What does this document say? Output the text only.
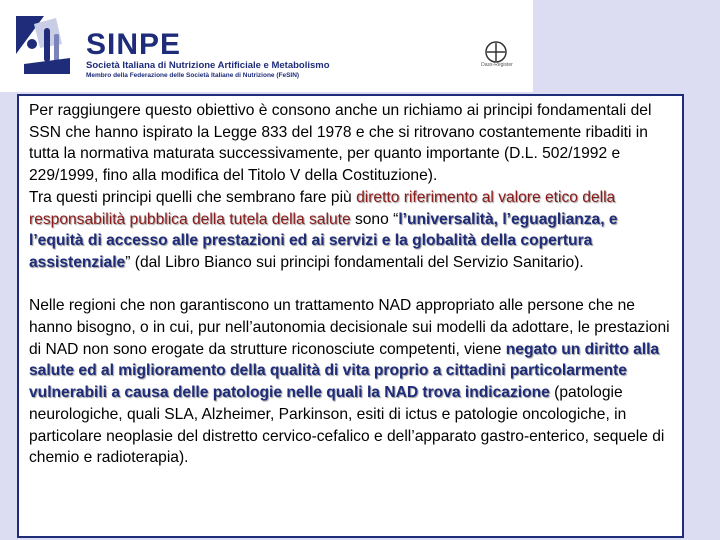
SINPE
Società Italiana di Nutrizione Artificiale e Metabolismo
Membro della Federazione delle Società Italiane di Nutrizione (FeSIN)
Dass-Register

Per raggiungere questo obiettivo è consono anche un richiamo ai principi fondamentali del SSN che hanno ispirato la Legge 833 del 1978 e che si ritrovano costantemente ribaditi in tutta la normativa maturata successivamente, per quanto importante (D.L. 502/1992 e 229/1999, fino alla modifica del Titolo V della Costituzione).

Tra questi principi quelli che sembrano fare più diretto riferimento al valore etico della responsabilità pubblica della tutela della salute sono “l’universalità, l’eguaglianza, e l’equità di accesso alle prestazioni ed ai servizi e la globalità della copertura assistenziale” (dal Libro Bianco sui principi fondamentali del Servizio Sanitario).

Nelle regioni che non garantiscono un trattamento NAD appropriato alle persone che ne hanno bisogno, o in cui, pur nell’autonomia decisionale sui modelli da adottare, le prestazioni di NAD non sono erogate da strutture riconosciute competenti, viene negato un diritto alla salute ed al miglioramento della qualità di vita proprio a cittadini particolarmente vulnerabili a causa delle patologie nelle quali la NAD trova indicazione (patologie neurologiche, quali SLA, Alzheimer, Parkinson, esiti di ictus e patologie oncologiche, in particolare neoplasie del distretto cervico-cefalico e dell’apparato gastro-enterico, sequele di chemio e radioterapia).
